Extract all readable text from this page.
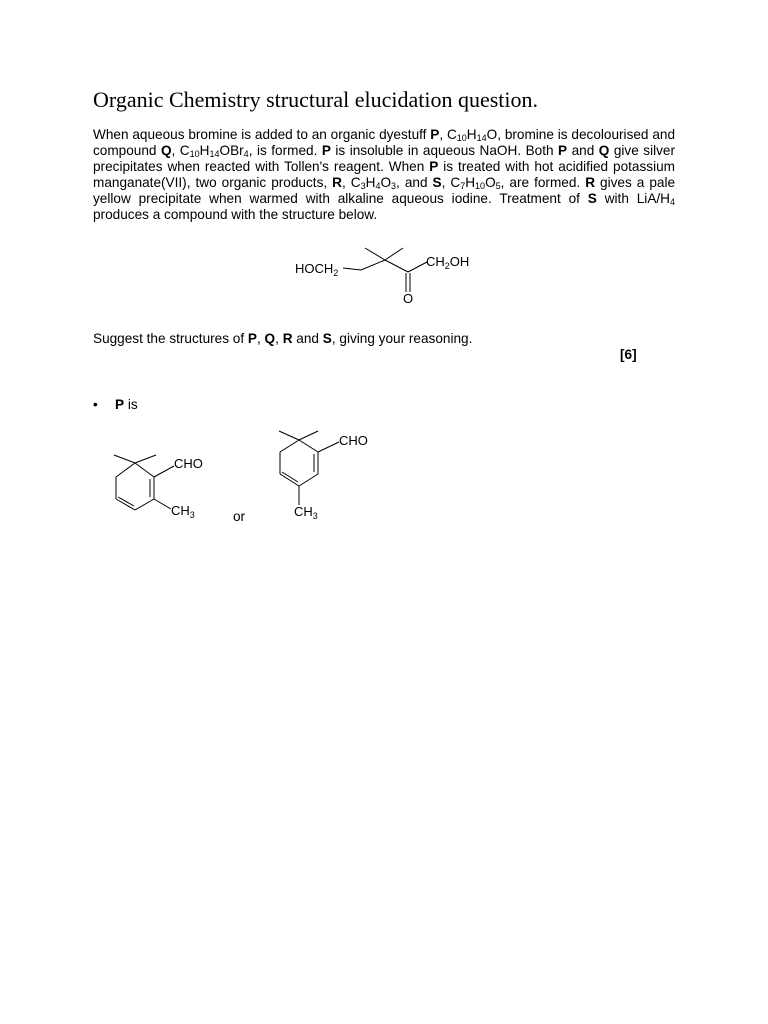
Organic Chemistry structural elucidation question.

When aqueous bromine is added to an organic dyestuff P, $C_{10}H_{14}O$, bromine is decolourised and compound Q, $C_{10}H_{14}OBr_4$, is formed. P is insoluble in aqueous NaOH. Both P and Q give silver precipitates when reacted with Tollen's reagent. When P is treated with hot acidified potassium manganate(VII), two organic products, R, $C_3H_4O_3$, and S, $C_7H_{10}O_5$, are formed. R gives a pale yellow precipitate when warmed with alkaline aqueous iodine. Treatment of S with LiA/$H_4$ produces a compound with the structure below.

$HOCH_2$
O
$CH_2OH$
Suggest the structures of P, Q, R and S, giving your reasoning.
[6]
• P is
CHO
$CH_3$	or
CHO
$CH_3$
